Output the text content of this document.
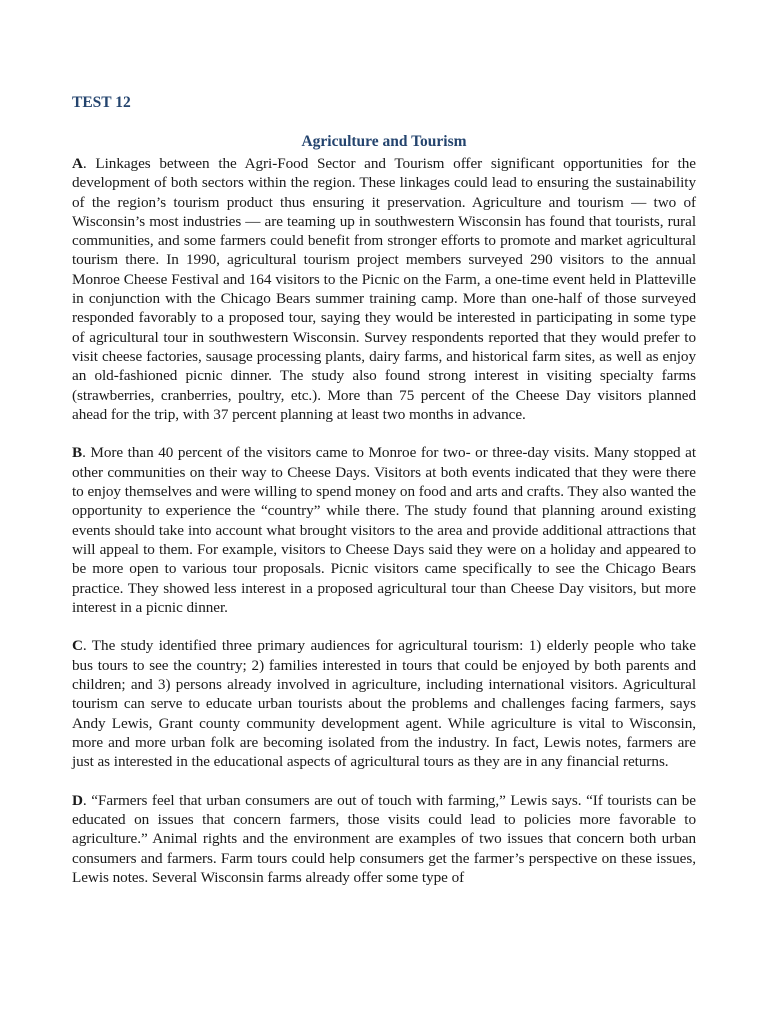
TEST 12
Agriculture and Tourism

A. Linkages between the Agri-Food Sector and Tourism offer significant opportunities for the development of both sectors within the region. These linkages could lead to ensuring the sustainability of the region’s tourism product thus ensuring it preservation. Agriculture and tourism — two of Wisconsin’s most industries — are teaming up in southwestern Wisconsin has found that tourists, rural communities, and some farmers could benefit from stronger efforts to promote and market agricultural tourism there. In 1990, agricultural tourism project members surveyed 290 visitors to the annual Monroe Cheese Festival and 164 visitors to the Picnic on the Farm, a one-time event held in Platteville in conjunction with the Chicago Bears summer training camp. More than one-half of those surveyed responded favorably to a proposed tour, saying they would be interested in participating in some type of agricultural tour in southwestern Wisconsin. Survey respondents reported that they would prefer to visit cheese factories, sausage processing plants, dairy farms, and historical farm sites, as well as enjoy an old-fashioned picnic dinner. The study also found strong interest in visiting specialty farms (strawberries, cranberries, poultry, etc.). More than 75 percent of the Cheese Day visitors planned ahead for the trip, with 37 percent planning at least two months in advance.

B. More than 40 percent of the visitors came to Monroe for two- or three-day visits. Many stopped at other communities on their way to Cheese Days. Visitors at both events indicated that they were there to enjoy themselves and were willing to spend money on food and arts and crafts. They also wanted the opportunity to experience the “country” while there. The study found that planning around existing events should take into account what brought visitors to the area and provide additional attractions that will appeal to them. For example, visitors to Cheese Days said they were on a holiday and appeared to be more open to various tour proposals. Picnic visitors came specifically to see the Chicago Bears practice. They showed less interest in a proposed agricultural tour than Cheese Day visitors, but more interest in a picnic dinner.

C. The study identified three primary audiences for agricultural tourism: 1) elderly people who take bus tours to see the country; 2) families interested in tours that could be enjoyed by both parents and children; and 3) persons already involved in agriculture, including international visitors. Agricultural tourism can serve to educate urban tourists about the problems and challenges facing farmers, says Andy Lewis, Grant county community development agent. While agriculture is vital to Wisconsin, more and more urban folk are becoming isolated from the industry. In fact, Lewis notes, farmers are just as interested in the educational aspects of agricultural tours as they are in any financial returns.

D. “Farmers feel that urban consumers are out of touch with farming,” Lewis says. “If tourists can be educated on issues that concern farmers, those visits could lead to policies more favorable to agriculture.” Animal rights and the environment are examples of two issues that concern both urban consumers and farmers. Farm tours could help consumers get the farmer’s perspective on these issues, Lewis notes. Several Wisconsin farms already offer some type of
